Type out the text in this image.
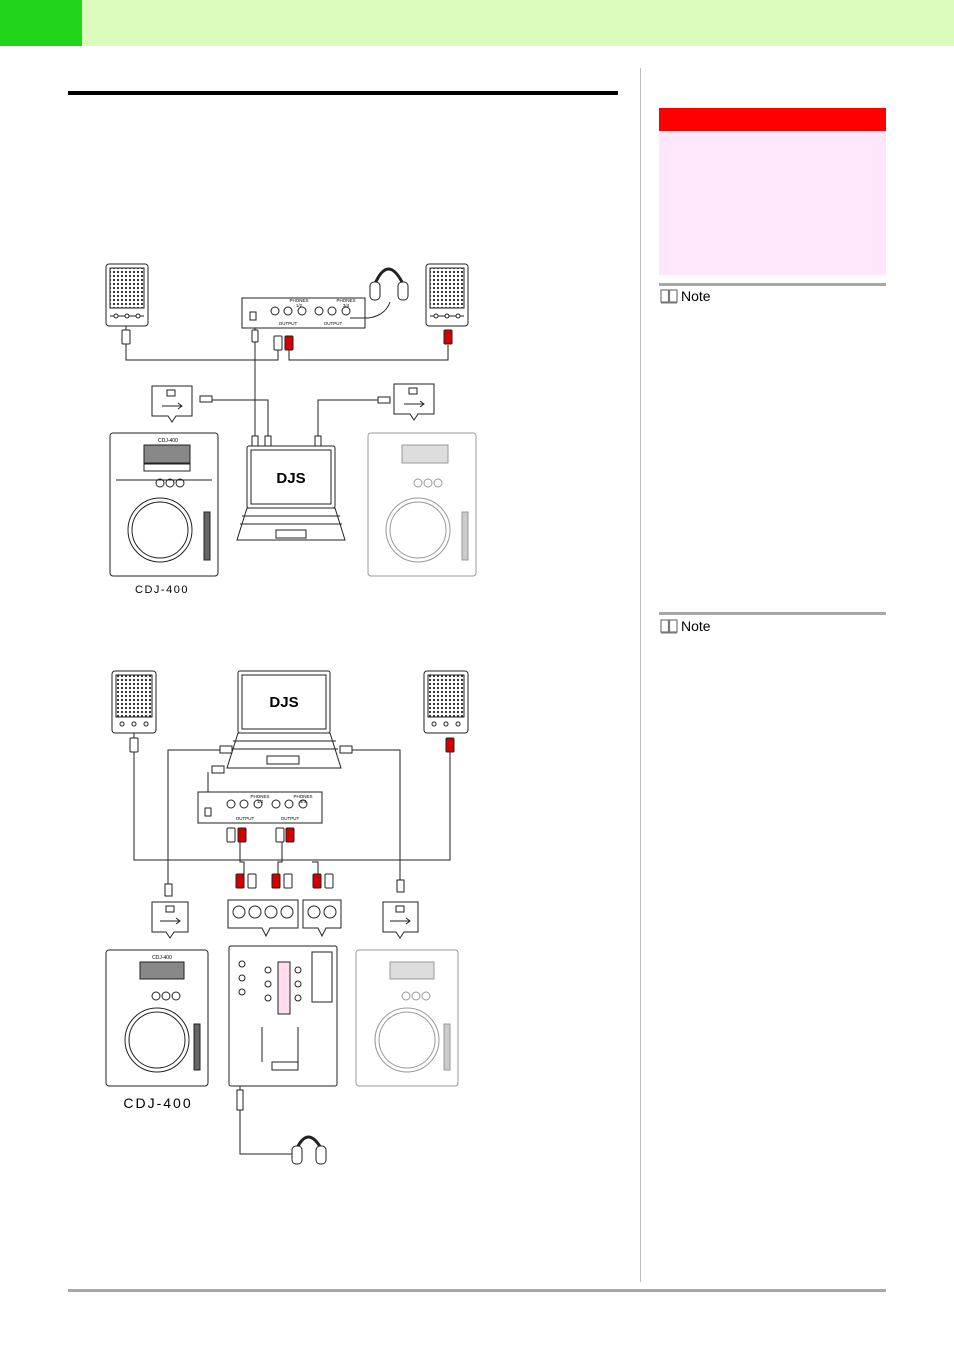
Note
Note
PHONES
1/2
PHONES
3/4
OUTPUT	OUTPUT
DJS
CDJ-400
CDJ-400
PHONES
1/2
PHONES
3/4
OUTPUT	OUTPUT
DJS
CDJ-400
CDJ-400
